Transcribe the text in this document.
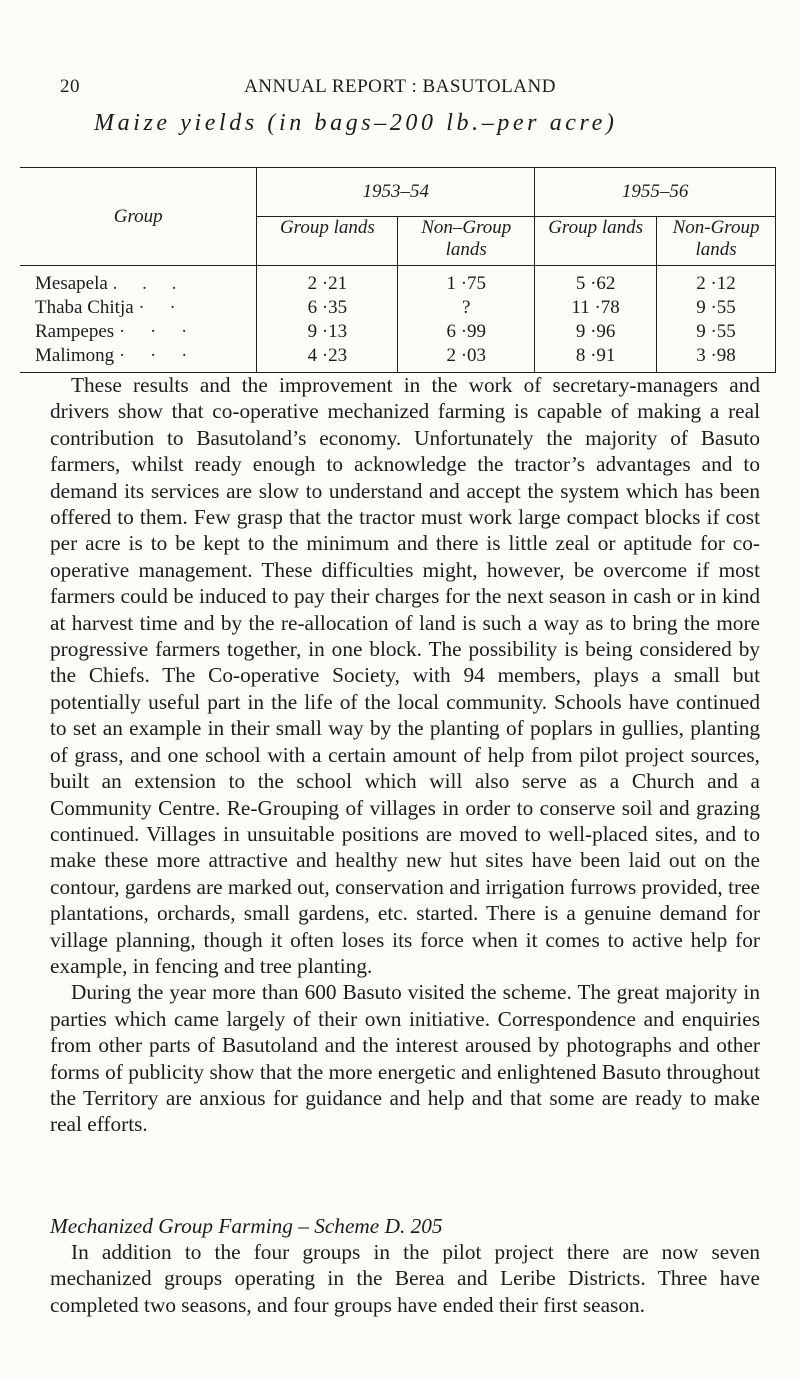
20	ANNUAL REPORT : BASUTOLAND
Maize yields (in bags–200 lb.–per acre)
Group	1953–54		1955–56	
	Group lands	Non–Group lands	Group lands	Non-Group lands
Mesapela . . .	2 ·21	1 ·75	5 ·62	2 ·12
Thaba Chitja · ·	6 ·35	?	11 ·78	9 ·55
Rampepes · · ·	9 ·13	6 ·99	9 ·96	9 ·55
Malimong · · ·	4 ·23	2 ·03	8 ·91	3 ·98

These results and the improvement in the work of secretary-managers and drivers show that co-operative mechanized farming is capable of making a real contribution to Basutoland’s economy. Unfortunately the majority of Basuto farmers, whilst ready enough to acknowledge the tractor’s advantages and to demand its services are slow to understand and accept the system which has been offered to them. Few grasp that the tractor must work large compact blocks if cost per acre is to be kept to the minimum and there is little zeal or aptitude for co-operative management. These difficulties might, however, be overcome if most farmers could be induced to pay their charges for the next season in cash or in kind at harvest time and by the re-allocation of land is such a way as to bring the more progressive farmers together, in one block. The possibility is being considered by the Chiefs. The Co-operative Society, with 94 members, plays a small but potentially useful part in the life of the local community. Schools have continued to set an example in their small way by the planting of poplars in gullies, planting of grass, and one school with a certain amount of help from pilot project sources, built an extension to the school which will also serve as a Church and a Community Centre. Re-Grouping of villages in order to conserve soil and grazing continued. Villages in unsuitable positions are moved to well-placed sites, and to make these more attractive and healthy new hut sites have been laid out on the contour, gardens are marked out, conservation and irrigation furrows provided, tree plantations, orchards, small gardens, etc. started. There is a genuine demand for village planning, though it often loses its force when it comes to active help for example, in fencing and tree planting.

During the year more than 600 Basuto visited the scheme. The great majority in parties which came largely of their own initiative. Correspondence and enquiries from other parts of Basutoland and the interest aroused by photographs and other forms of publicity show that the more energetic and enlightened Basuto throughout the Territory are anxious for guidance and help and that some are ready to make real efforts.

Mechanized Group Farming – Scheme D. 205

In addition to the four groups in the pilot project there are now seven mechanized groups operating in the Berea and Leribe Districts. Three have completed two seasons, and four groups have ended their first season.
